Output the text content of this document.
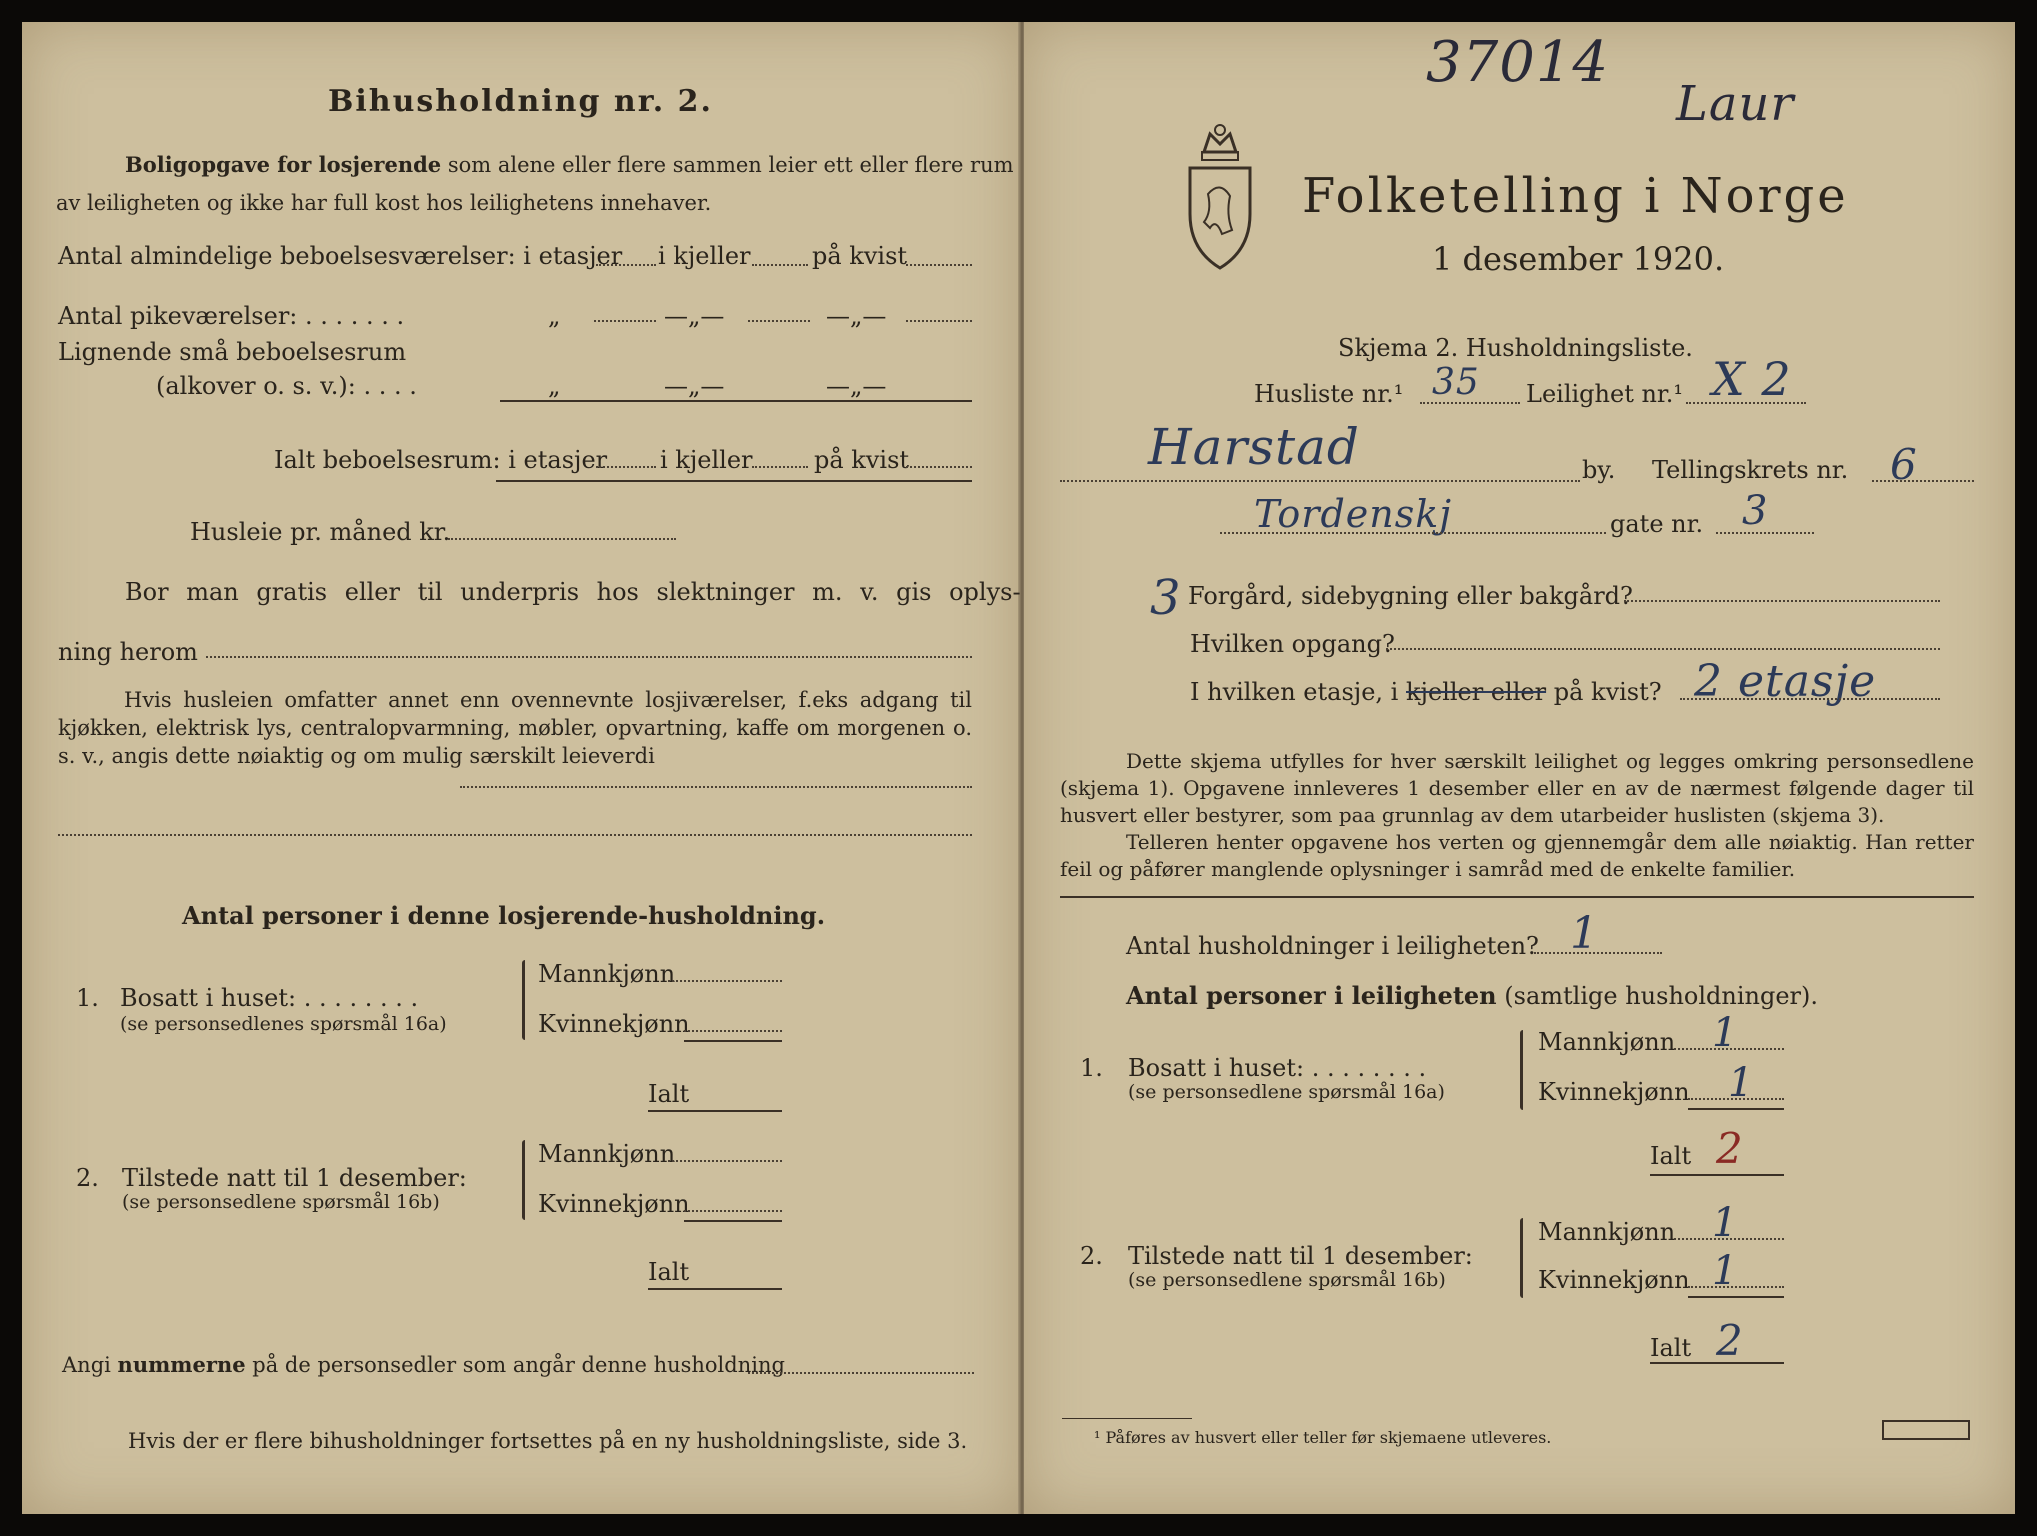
Bihusholdning nr. 2.
Boligopgave for losjerende som alene eller flere sammen leier ett eller flere rum
av leiligheten og ikke har full kost hos leilighetens innehaver.
Antal almindelige beboelsesværelser: i etasjer i kjeller	på kvist
Antal pikeværelser: . . . . . . .	„	—„—	—„—
Lignende små beboelsesrum
(alkover o. s. v.): . . . .	„	—„—	—„—
Ialt beboelsesrum: i etasjer i kjeller	på kvist
Husleie pr. måned kr.
Bor man gratis eller til underpris hos slektninger m. v. gis oplys-
ning herom
Hvis husleien omfatter annet enn ovennevnte losjiværelser, f.eks adgang til kjøkken, elektrisk lys, centralopvarmning, møbler, opvartning, kaffe om morgenen o. s. v., angis dette nøiaktig og om mulig særskilt leieverdi
Antal personer i denne losjerende-husholdning.
1. Bosatt i huset: . . . . . . . .
(se personsedlenes spørsmål 16a)
Mannkjønn
Kvinnekjønn
Ialt
2. Tilstede natt til 1 desember:
(se personsedlene spørsmål 16b)
Mannkjønn
Kvinnekjønn
Ialt
Angi nummerne på de personsedler som angår denne husholdning
Hvis der er flere bihusholdninger fortsettes på en ny husholdningsliste, side 3.
37014
Laur
Folketelling i Norge
1 desember 1920.
Skjema 2. Husholdningsliste.
Husliste nr.¹ 35 Leilighet nr.¹ X 2
Harstad	by. Tellingskrets nr. 6
Tordenskj	gate nr. 3
3 Forgård, sidebygning eller bakgård?
Hvilken opgang?
I hvilken etasje, i kjeller eller på kvist? 2 etasje
Dette skjema utfylles for hver særskilt leilighet og legges omkring personsedlene (skjema 1). Opgavene innleveres 1 desember eller en av de nærmest følgende dager til husvert eller bestyrer, som paa grunnlag av dem utarbeider huslisten (skjema 3).
Telleren henter opgavene hos verten og gjennemgår dem alle nøiaktig. Han retter feil og påfører manglende oplysninger i samråd med de enkelte familier.
Antal husholdninger i leiligheten? 1
Antal personer i leiligheten (samtlige husholdninger).
1. Bosatt i huset: . . . . . . . .
(se personsedlene spørsmål 16a)
Mannkjønn 1
Kvinnekjønn 1
Ialt 2
2. Tilstede natt til 1 desember:
(se personsedlene spørsmål 16b)
Mannkjønn 1
Kvinnekjønn 1
Ialt 2
¹ Påføres av husvert eller teller før skjemaene utleveres.
